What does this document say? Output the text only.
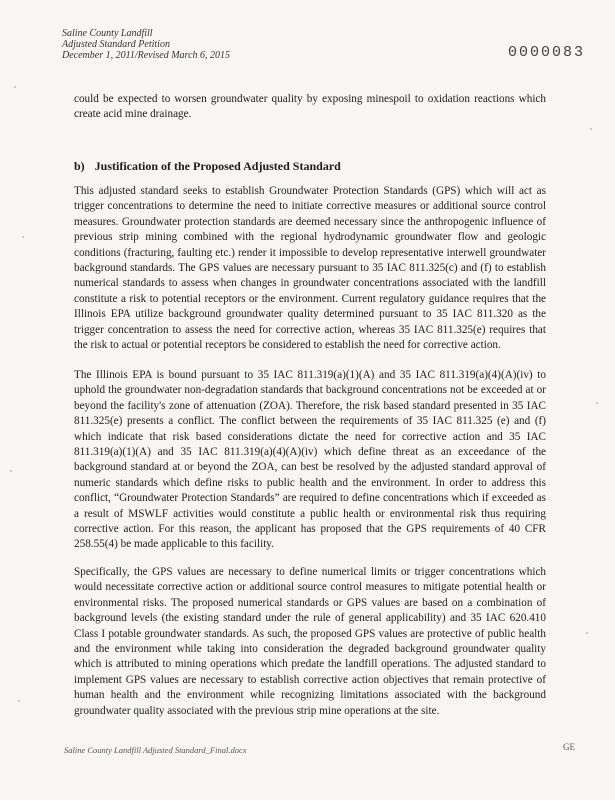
Saline County Landfill
Adjusted Standard Petition
December 1, 2011/Revised March 6, 2015	0000083

could be expected to worsen groundwater quality by exposing minespoil to oxidation reactions which create acid mine drainage.

b) Justification of the Proposed Adjusted Standard

This adjusted standard seeks to establish Groundwater Protection Standards (GPS) which will act as trigger concentrations to determine the need to initiate corrective measures or additional source control measures. Groundwater protection standards are deemed necessary since the anthropogenic influence of previous strip mining combined with the regional hydrodynamic groundwater flow and geologic conditions (fracturing, faulting etc.) render it impossible to develop representative interwell groundwater background standards. The GPS values are necessary pursuant to 35 IAC 811.325(c) and (f) to establish numerical standards to assess when changes in groundwater concentrations associated with the landfill constitute a risk to potential receptors or the environment. Current regulatory guidance requires that the Illinois EPA utilize background groundwater quality determined pursuant to 35 IAC 811.320 as the trigger concentration to assess the need for corrective action, whereas 35 IAC 811.325(e) requires that the risk to actual or potential receptors be considered to establish the need for corrective action.

The Illinois EPA is bound pursuant to 35 IAC 811.319(a)(1)(A) and 35 IAC 811.319(a)(4)(A)(iv) to uphold the groundwater non-degradation standards that background concentrations not be exceeded at or beyond the facility's zone of attenuation (ZOA). Therefore, the risk based standard presented in 35 IAC 811.325(e) presents a conflict. The conflict between the requirements of 35 IAC 811.325 (e) and (f) which indicate that risk based considerations dictate the need for corrective action and 35 IAC 811.319(a)(1)(A) and 35 IAC 811.319(a)(4)(A)(iv) which define threat as an exceedance of the background standard at or beyond the ZOA, can best be resolved by the adjusted standard approval of numeric standards which define risks to public health and the environment. In order to address this conflict, “Groundwater Protection Standards” are required to define concentrations which if exceeded as a result of MSWLF activities would constitute a public health or environmental risk thus requiring corrective action. For this reason, the applicant has proposed that the GPS requirements of 40 CFR 258.55(4) be made applicable to this facility.

Specifically, the GPS values are necessary to define numerical limits or trigger concentrations which would necessitate corrective action or additional source control measures to mitigate potential health or environmental risks. The proposed numerical standards or GPS values are based on a combination of background levels (the existing standard under the rule of general applicability) and 35 IAC 620.410 Class I potable groundwater standards. As such, the proposed GPS values are protective of public health and the environment while taking into consideration the degraded background groundwater quality which is attributed to mining operations which predate the landfill operations. The adjusted standard to implement GPS values are necessary to establish corrective action objectives that remain protective of human health and the environment while recognizing limitations associated with the background groundwater quality associated with the previous strip mine operations at the site.

Saline County Landfill Adjusted Standard_Final.docx	GE
